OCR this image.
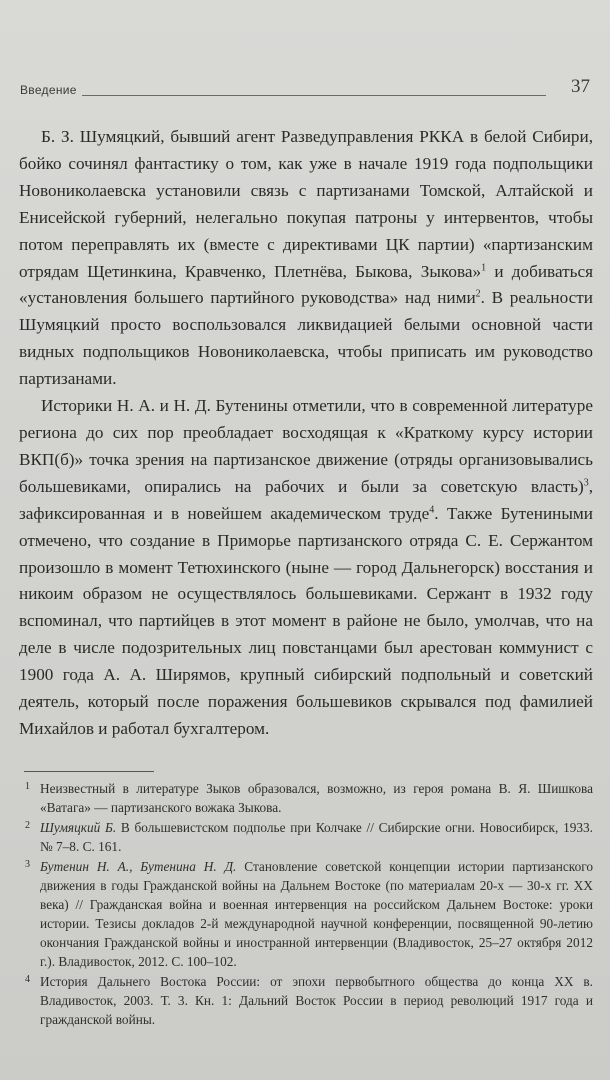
Введение	37

Б. З. Шумяцкий, бывший агент Разведуправления РККА в белой Сибири, бойко сочинял фантастику о том, как уже в начале 1919 года подпольщики Новониколаевска установили связь с партизанами Томской, Алтайской и Енисейской губерний, нелегально покупая патроны у интервентов, чтобы потом переправлять их (вместе с директивами ЦК партии) «партизанским отрядам Щетинкина, Кравченко, Плетнёва, Быкова, Зыкова»$^1$ и добиваться «установления большего партийного руководства» над ними$^2$. В реальности Шумяцкий просто воспользовался ликвидацией белыми основной части видных подпольщиков Новониколаевска, чтобы приписать им руководство партизанами.

Историки Н. А. и Н. Д. Бутенины отметили, что в современной литературе региона до сих пор преобладает восходящая к «Краткому курсу истории ВКП(б)» точка зрения на партизанское движение (отряды организовывались большевиками, опирались на рабочих и были за советскую власть)$^3$, зафиксированная и в новейшем академическом труде$^4$. Также Бутениными отмечено, что создание в Приморье партизанского отряда С. Е. Сержантом произошло в момент Тетюхинского (ныне — город Дальнегорск) восстания и никоим образом не осуществлялось большевиками. Сержант в 1932 году вспоминал, что партийцев в этот момент в районе не было, умолчав, что на деле в числе подозрительных лиц повстанцами был арестован коммунист с 1900 года А. А. Ширямов, крупный сибирский подпольный и советский деятель, который после поражения большевиков скрывался под фамилией Михайлов и работал бухгалтером.

1 Неизвестный в литературе Зыков образовался, возможно, из героя романа В. Я. Шишкова «Ватага» — партизанского вожака Зыкова.

2 Шумяцкий Б. В большевистском подполье при Колчаке // Сибирские огни. Новосибирск, 1933. № 7–8. С. 161.

3 Бутенин Н. А., Бутенина Н. Д. Становление советской концепции истории партизанского движения в годы Гражданской войны на Дальнем Востоке (по материалам 20-х — 30-х гг. XX века) // Гражданская война и военная интервенция на российском Дальнем Востоке: уроки истории. Тезисы докладов 2-й международной научной конференции, посвященной 90-летию окончания Гражданской войны и иностранной интервенции (Владивосток, 25–27 октября 2012 г.). Владивосток, 2012. С. 100–102.

4 История Дальнего Востока России: от эпохи первобытного общества до конца XX в. Владивосток, 2003. Т. 3. Кн. 1: Дальний Восток России в период революций 1917 года и гражданской войны.
